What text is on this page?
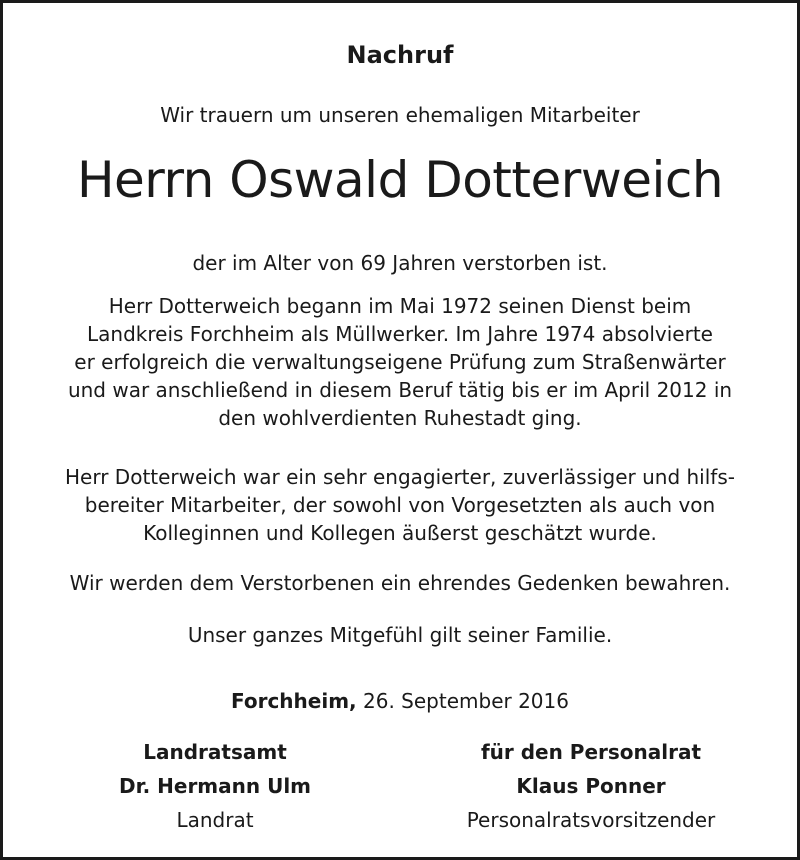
Nachruf
Wir trauern um unseren ehemaligen Mitarbeiter
Herrn Oswald Dotterweich
der im Alter von 69 Jahren verstorben ist.
Herr Dotterweich begann im Mai 1972 seinen Dienst beim
Landkreis Forchheim als Müllwerker. Im Jahre 1974 absolvierte
er erfolgreich die verwaltungseigene Prüfung zum Straßenwärter
und war anschließend in diesem Beruf tätig bis er im April 2012 in
den wohlverdienten Ruhestadt ging.
Herr Dotterweich war ein sehr engagierter, zuverlässiger und hilfs-
bereiter Mitarbeiter, der sowohl von Vorgesetzten als auch von
Kolleginnen und Kollegen äußerst geschätzt wurde.
Wir werden dem Verstorbenen ein ehrendes Gedenken bewahren.
Unser ganzes Mitgefühl gilt seiner Familie.
Forchheim, 26. September 2016
Landratsamt
Dr. Hermann Ulm
Landrat
für den Personalrat
Klaus Ponner
Personalratsvorsitzender
